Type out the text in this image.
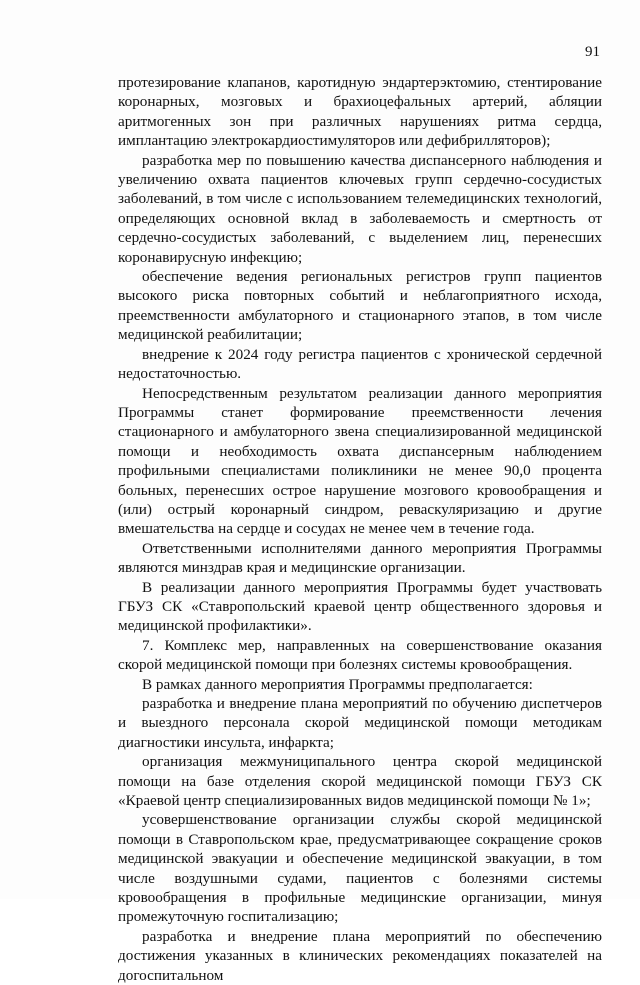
91

протезирование клапанов, каротидную эндартерэктомию, стентирование коронарных, мозговых и брахиоцефальных артерий, абляции аритмогенных зон при различных нарушениях ритма сердца, имплантацию электрокардиостимуляторов или дефибрилляторов);

разработка мер по повышению качества диспансерного наблюдения и увеличению охвата пациентов ключевых групп сердечно-сосудистых заболеваний, в том числе с использованием телемедицинских технологий, определяющих основной вклад в заболеваемость и смертность от сердечно-сосудистых заболеваний, с выделением лиц, перенесших коронавирусную инфекцию;

обеспечение ведения региональных регистров групп пациентов высокого риска повторных событий и неблагоприятного исхода, преемственности амбулаторного и стационарного этапов, в том числе медицинской реабилитации;

внедрение к 2024 году регистра пациентов с хронической сердечной недостаточностью.

Непосредственным результатом реализации данного мероприятия Программы станет формирование преемственности лечения стационарного и амбулаторного звена специализированной медицинской помощи и необходимость охвата диспансерным наблюдением профильными специалистами поликлиники не менее 90,0 процента больных, перенесших острое нарушение мозгового кровообращения и (или) острый коронарный синдром, реваскуляризацию и другие вмешательства на сердце и сосудах не менее чем в течение года.

Ответственными исполнителями данного мероприятия Программы являются минздрав края и медицинские организации.

В реализации данного мероприятия Программы будет участвовать ГБУЗ СК «Ставропольский краевой центр общественного здоровья и медицинской профилактики».

7. Комплекс мер, направленных на совершенствование оказания скорой медицинской помощи при болезнях системы кровообращения.

В рамках данного мероприятия Программы предполагается:

разработка и внедрение плана мероприятий по обучению диспетчеров и выездного персонала скорой медицинской помощи методикам диагностики инсульта, инфаркта;

организация межмуниципального центра скорой медицинской помощи на базе отделения скорой медицинской помощи ГБУЗ СК «Краевой центр специализированных видов медицинской помощи № 1»;

усовершенствование организации службы скорой медицинской помощи в Ставропольском крае, предусматривающее сокращение сроков медицинской эвакуации и обеспечение медицинской эвакуации, в том числе воздушными судами, пациентов с болезнями системы кровообращения в профильные медицинские организации, минуя промежуточную госпитализацию;

разработка и внедрение плана мероприятий по обеспечению достижения указанных в клинических рекомендациях показателей на догоспитальном
